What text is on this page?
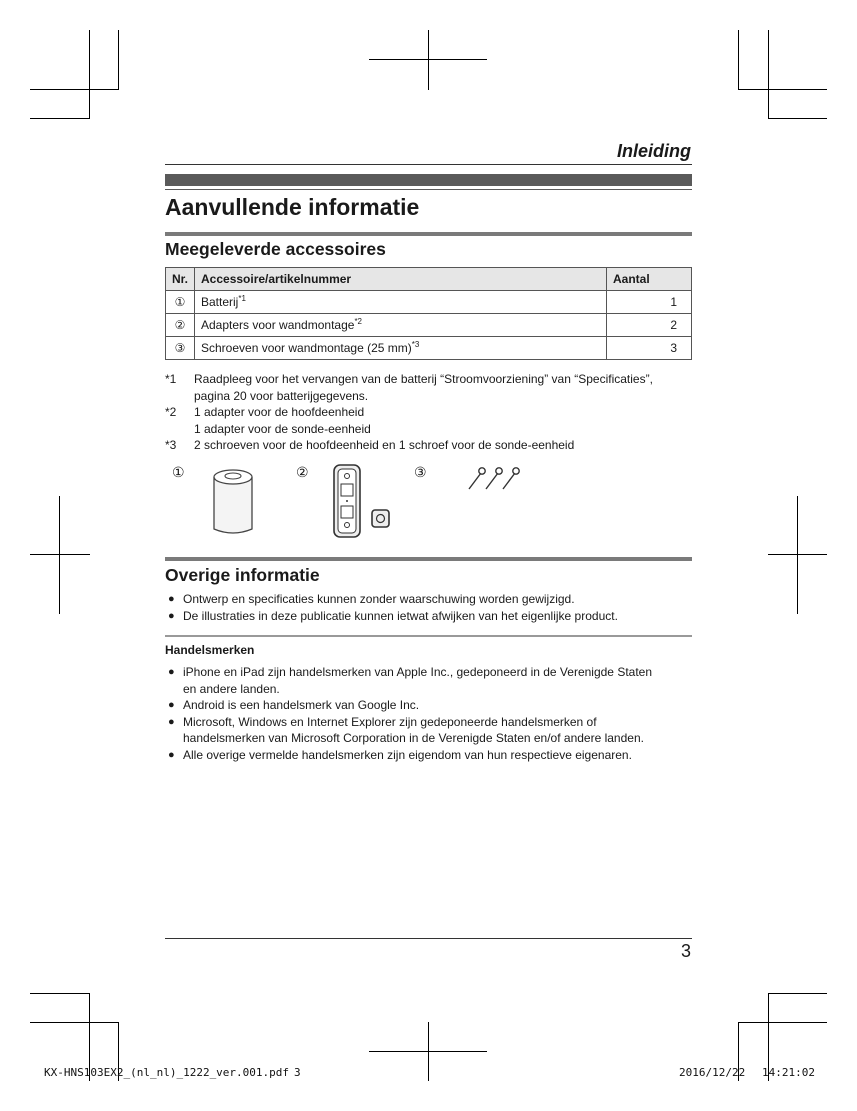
Inleiding
Aanvullende informatie
Meegeleverde accessoires
Nr.	Accessoire/artikelnummer	Aantal
①	Batterij$^{*1}$	1
②	Adapters voor wandmontage$^{*2}$	2
③	Schroeven voor wandmontage (25 mm)$^{*3}$	3
*1 Raadpleeg voor het vervangen van de batterij “Stroomvoorziening” van “Specificaties”,
pagina 20 voor batterijgegevens.
*2 1 adapter voor de hoofdeenheid
1 adapter voor de sonde-eenheid
*3 2 schroeven voor de hoofdeenheid en 1 schroef voor de sonde-eenheid
①	②	③
Overige informatie
● Ontwerp en specificaties kunnen zonder waarschuwing worden gewijzigd.
● De illustraties in deze publicatie kunnen ietwat afwijken van het eigenlijke product.
Handelsmerken
● iPhone en iPad zijn handelsmerken van Apple Inc., gedeponeerd in de Verenigde Staten
en andere landen.
● Android is een handelsmerk van Google Inc.
● Microsoft, Windows en Internet Explorer zijn gedeponeerde handelsmerken of
handelsmerken van Microsoft Corporation in de Verenigde Staten en/of andere landen.
● Alle overige vermelde handelsmerken zijn eigendom van hun respectieve eigenaren.
3
KX-HNS103EX2_(nl_nl)_1222_ver.001.pdf 3	2016/12/22 14:21:02
